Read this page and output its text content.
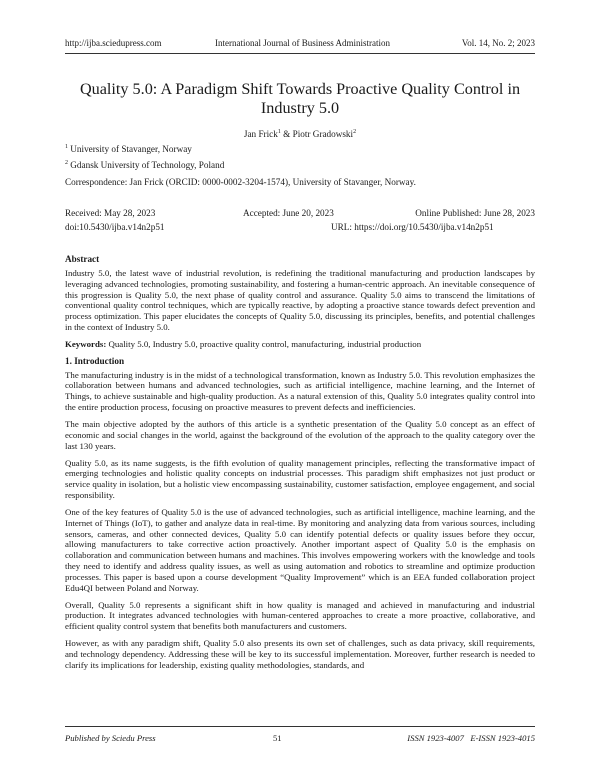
http://ijba.sciedupress.com	International Journal of Business Administration	Vol. 14, No. 2; 2023
Quality 5.0: A Paradigm Shift Towards Proactive Quality Control in Industry 5.0
Jan Frick$^1$ & Piotr Gradowski$^2$
$^1$ University of Stavanger, Norway
$^2$ Gdansk University of Technology, Poland
Correspondence: Jan Frick (ORCID: 0000-0002-3204-1574), University of Stavanger, Norway.
Received: May 28, 2023	Accepted: June 20, 2023	Online Published: June 28, 2023
doi:10.5430/ijba.v14n2p51	URL: https://doi.org/10.5430/ijba.v14n2p51
Abstract

Industry 5.0, the latest wave of industrial revolution, is redefining the traditional manufacturing and production landscapes by leveraging advanced technologies, promoting sustainability, and fostering a human-centric approach. An inevitable consequence of this progression is Quality 5.0, the next phase of quality control and assurance. Quality 5.0 aims to transcend the limitations of conventional quality control techniques, which are typically reactive, by adopting a proactive stance towards defect prevention and process optimization. This paper elucidates the concepts of Quality 5.0, discussing its principles, benefits, and potential challenges in the context of Industry 5.0.

Keywords: Quality 5.0, Industry 5.0, proactive quality control, manufacturing, industrial production

1. Introduction

The manufacturing industry is in the midst of a technological transformation, known as Industry 5.0. This revolution emphasizes the collaboration between humans and advanced technologies, such as artificial intelligence, machine learning, and the Internet of Things, to achieve sustainable and high-quality production. As a natural extension of this, Quality 5.0 integrates quality control into the entire production process, focusing on proactive measures to prevent defects and inefficiencies.

The main objective adopted by the authors of this article is a synthetic presentation of the Quality 5.0 concept as an effect of economic and social changes in the world, against the background of the evolution of the approach to the quality category over the last 130 years.

Quality 5.0, as its name suggests, is the fifth evolution of quality management principles, reflecting the transformative impact of emerging technologies and holistic quality concepts on industrial processes. This paradigm shift emphasizes not just product or service quality in isolation, but a holistic view encompassing sustainability, customer satisfaction, employee engagement, and social responsibility.

One of the key features of Quality 5.0 is the use of advanced technologies, such as artificial intelligence, machine learning, and the Internet of Things (IoT), to gather and analyze data in real-time. By monitoring and analyzing data from various sources, including sensors, cameras, and other connected devices, Quality 5.0 can identify potential defects or quality issues before they occur, allowing manufacturers to take corrective action proactively. Another important aspect of Quality 5.0 is the emphasis on collaboration and communication between humans and machines. This involves empowering workers with the knowledge and tools they need to identify and address quality issues, as well as using automation and robotics to streamline and optimize production processes. This paper is based upon a course development “Quality Improvement” which is an EEA funded collaboration project Edu4QI between Poland and Norway.

Overall, Quality 5.0 represents a significant shift in how quality is managed and achieved in manufacturing and industrial production. It integrates advanced technologies with human-centered approaches to create a more proactive, collaborative, and efficient quality control system that benefits both manufacturers and customers.

However, as with any paradigm shift, Quality 5.0 also presents its own set of challenges, such as data privacy, skill requirements, and technology dependency. Addressing these will be key to its successful implementation. Moreover, further research is needed to clarify its implications for leadership, existing quality methodologies, standards, and

Published by Sciedu Press	51	ISSN 1923-4007   E-ISSN 1923-4015
